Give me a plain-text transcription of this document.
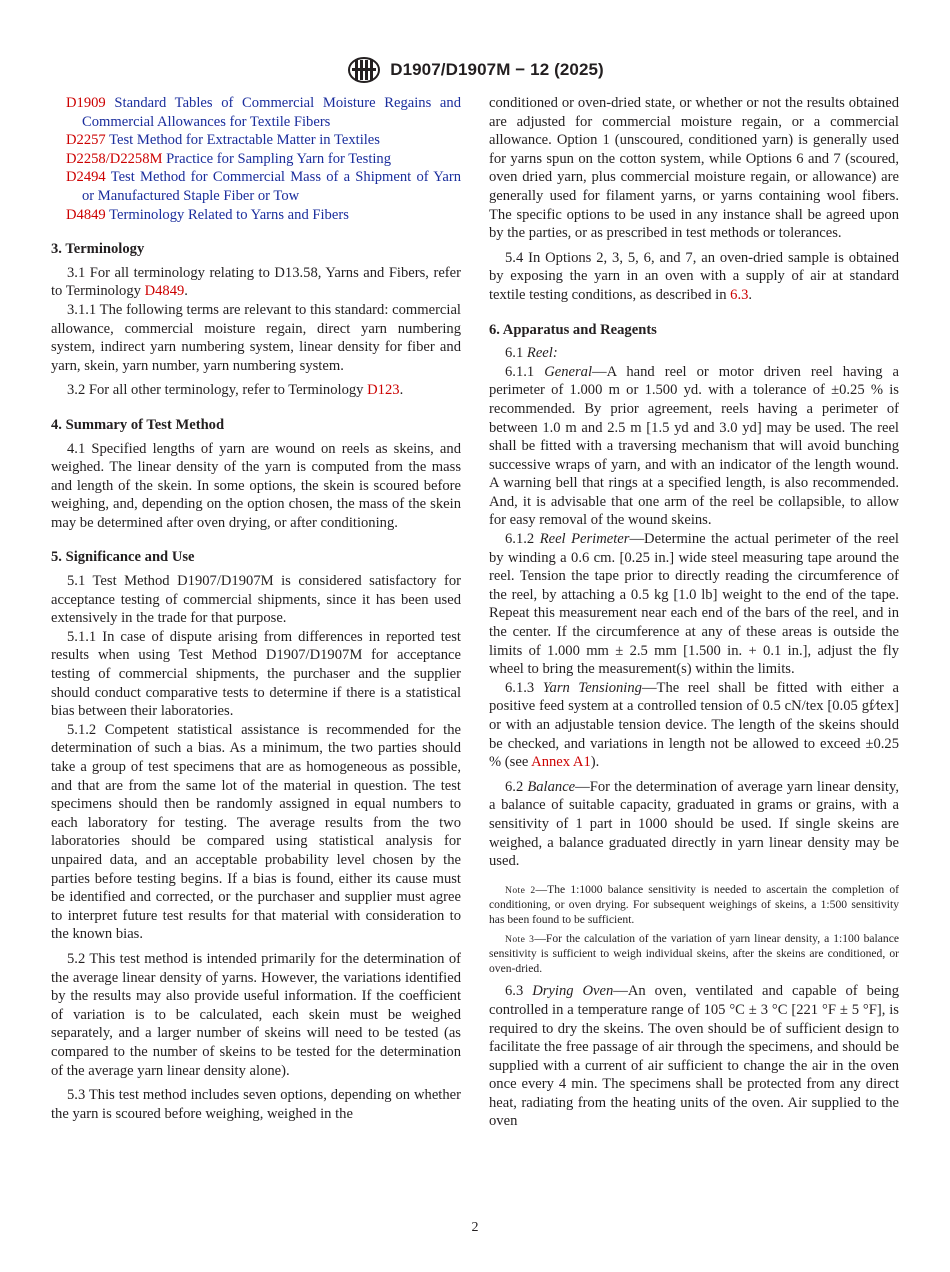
D1907/D1907M − 12 (2025)
D1909 Standard Tables of Commercial Moisture Regains and Commercial Allowances for Textile Fibers
D2257 Test Method for Extractable Matter in Textiles
D2258/D2258M Practice for Sampling Yarn for Testing
D2494 Test Method for Commercial Mass of a Shipment of Yarn or Manufactured Staple Fiber or Tow
D4849 Terminology Related to Yarns and Fibers
3. Terminology

3.1 For all terminology relating to D13.58, Yarns and Fibers, refer to Terminology D4849.

3.1.1 The following terms are relevant to this standard: commercial allowance, commercial moisture regain, direct yarn numbering system, indirect yarn numbering system, linear density for fiber and yarn, skein, yarn number, yarn numbering system.

3.2 For all other terminology, refer to Terminology D123.

4. Summary of Test Method

4.1 Specified lengths of yarn are wound on reels as skeins, and weighed. The linear density of the yarn is computed from the mass and length of the skein. In some options, the skein is scoured before weighing, and, depending on the option chosen, the mass of the skein may be determined after oven drying, or after conditioning.

5. Significance and Use

5.1 Test Method D1907/D1907M is considered satisfactory for acceptance testing of commercial shipments, since it has been used extensively in the trade for that purpose.

5.1.1 In case of dispute arising from differences in reported test results when using Test Method D1907/D1907M for acceptance testing of commercial shipments, the purchaser and the supplier should conduct comparative tests to determine if there is a statistical bias between their laboratories.

5.1.2 Competent statistical assistance is recommended for the determination of such a bias. As a minimum, the two parties should take a group of test specimens that are as homogeneous as possible, and that are from the same lot of the material in question. The test specimens should then be randomly assigned in equal numbers to each laboratory for testing. The average results from the two laboratories should be compared using statistical analysis for unpaired data, and an acceptable probability level chosen by the parties before testing begins. If a bias is found, either its cause must be identified and corrected, or the purchaser and supplier must agree to interpret future test results for that material with consideration to the known bias.

5.2 This test method is intended primarily for the determination of the average linear density of yarns. However, the variations identified by the results may also provide useful information. If the coefficient of variation is to be calculated, each skein must be weighed separately, and a larger number of skeins will need to be tested (as compared to the number of skeins to be tested for the determination of the average yarn linear density alone).

5.3 This test method includes seven options, depending on whether the yarn is scoured before weighing, weighed in the

conditioned or oven-dried state, or whether or not the results obtained are adjusted for commercial moisture regain, or a commercial allowance. Option 1 (unscoured, conditioned yarn) is generally used for yarns spun on the cotton system, while Options 6 and 7 (scoured, oven dried yarn, plus commercial moisture regain, or allowance) are generally used for filament yarns, or yarns containing wool fibers. The specific options to be used in any instance shall be agreed upon by the parties, or as prescribed in test methods or tolerances.

5.4 In Options 2, 3, 5, 6, and 7, an oven-dried sample is obtained by exposing the yarn in an oven with a supply of air at standard textile testing conditions, as described in 6.3.

6. Apparatus and Reagents

6.1 Reel:

6.1.1 General—A hand reel or motor driven reel having a perimeter of 1.000 m or 1.500 yd. with a tolerance of ±0.25 % is recommended. By prior agreement, reels having a perimeter of between 1.0 m and 2.5 m [1.5 yd and 3.0 yd] may be used. The reel shall be fitted with a traversing mechanism that will avoid bunching successive wraps of yarn, and with an indicator of the length wound. A warning bell that rings at a specified length, is also recommended. And, it is advisable that one arm of the reel be collapsible, to allow for easy removal of the wound skeins.

6.1.2 Reel Perimeter—Determine the actual perimeter of the reel by winding a 0.6 cm. [0.25 in.] wide steel measuring tape around the reel. Tension the tape prior to directly reading the circumference of the reel, by attaching a 0.5 kg [1.0 lb] weight to the end of the tape. Repeat this measurement near each end of the bars of the reel, and in the center. If the circumference at any of these areas is outside the limits of 1.000 mm ± 2.5 mm [1.500 in. + 0.1 in.], adjust the fly wheel to bring the measurement(s) within the limits.

6.1.3 Yarn Tensioning—The reel shall be fitted with either a positive feed system at a controlled tension of 0.5 cN/tex [0.05 gf⁄tex] or with an adjustable tension device. The length of the skeins should be checked, and variations in length not be allowed to exceed ±0.25 % (see Annex A1).

6.2 Balance—For the determination of average yarn linear density, a balance of suitable capacity, graduated in grams or grains, with a sensitivity of 1 part in 1000 should be used. If single skeins are weighed, a balance graduated directly in yarn linear density may be used.

Note 2—The 1:1000 balance sensitivity is needed to ascertain the completion of conditioning, or oven drying. For subsequent weighings of skeins, a 1:500 sensitivity has been found to be sufficient.
Note 3—For the calculation of the variation of yarn linear density, a 1:100 balance sensitivity is sufficient to weigh individual skeins, after the skeins are conditioned, or oven-dried.

6.3 Drying Oven—An oven, ventilated and capable of being controlled in a temperature range of 105 °C ± 3 °C [221 °F ± 5 °F], is required to dry the skeins. The oven should be of sufficient design to facilitate the free passage of air through the specimens, and should be supplied with a current of air sufficient to change the air in the oven once every 4 min. The specimens shall be protected from any direct heat, radiating from the heating units of the oven. Air supplied to the oven

2
